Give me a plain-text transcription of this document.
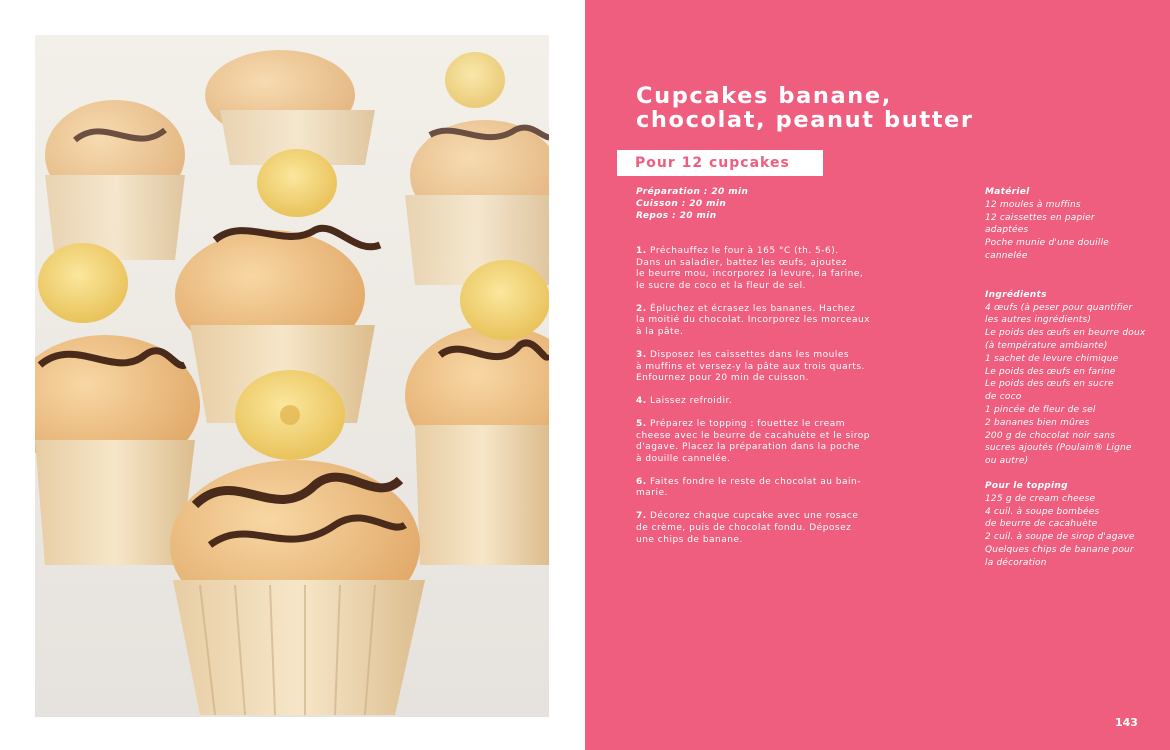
Cupcakes banane,
chocolat, peanut butter
Pour 12 cupcakes
Préparation : 20 min
Cuisson : 20 min
Repos : 20 min
1. Préchauffez le four à 165 °C (th. 5-6).
Dans un saladier, battez les œufs, ajoutez
le beurre mou, incorporez la levure, la farine,
le sucre de coco et la fleur de sel.
2. Épluchez et écrasez les bananes. Hachez
la moitié du chocolat. Incorporez les morceaux
à la pâte.
3. Disposez les caissettes dans les moules
à muffins et versez-y la pâte aux trois quarts.
Enfournez pour 20 min de cuisson.
4. Laissez refroidir.
5. Préparez le topping : fouettez le cream
cheese avec le beurre de cacahuète et le sirop
d'agave. Placez la préparation dans la poche
à douille cannelée.
6. Faites fondre le reste de chocolat au bain-
marie.
7. Décorez chaque cupcake avec une rosace
de crème, puis de chocolat fondu. Déposez
une chips de banane.
Matériel
12 moules à muffins
12 caissettes en papier
adaptées
Poche munie d'une douille
cannelée
Ingrédients
4 œufs (à peser pour quantifier
les autres ingrédients)
Le poids des œufs en beurre doux
(à température ambiante)
1 sachet de levure chimique
Le poids des œufs en farine
Le poids des œufs en sucre
de coco
1 pincée de fleur de sel
2 bananes bien mûres
200 g de chocolat noir sans
sucres ajoutés (Poulain® Ligne
ou autre)
Pour le topping
125 g de cream cheese
4 cuil. à soupe bombées
de beurre de cacahuète
2 cuil. à soupe de sirop d'agave
Quelques chips de banane pour
la décoration
143
